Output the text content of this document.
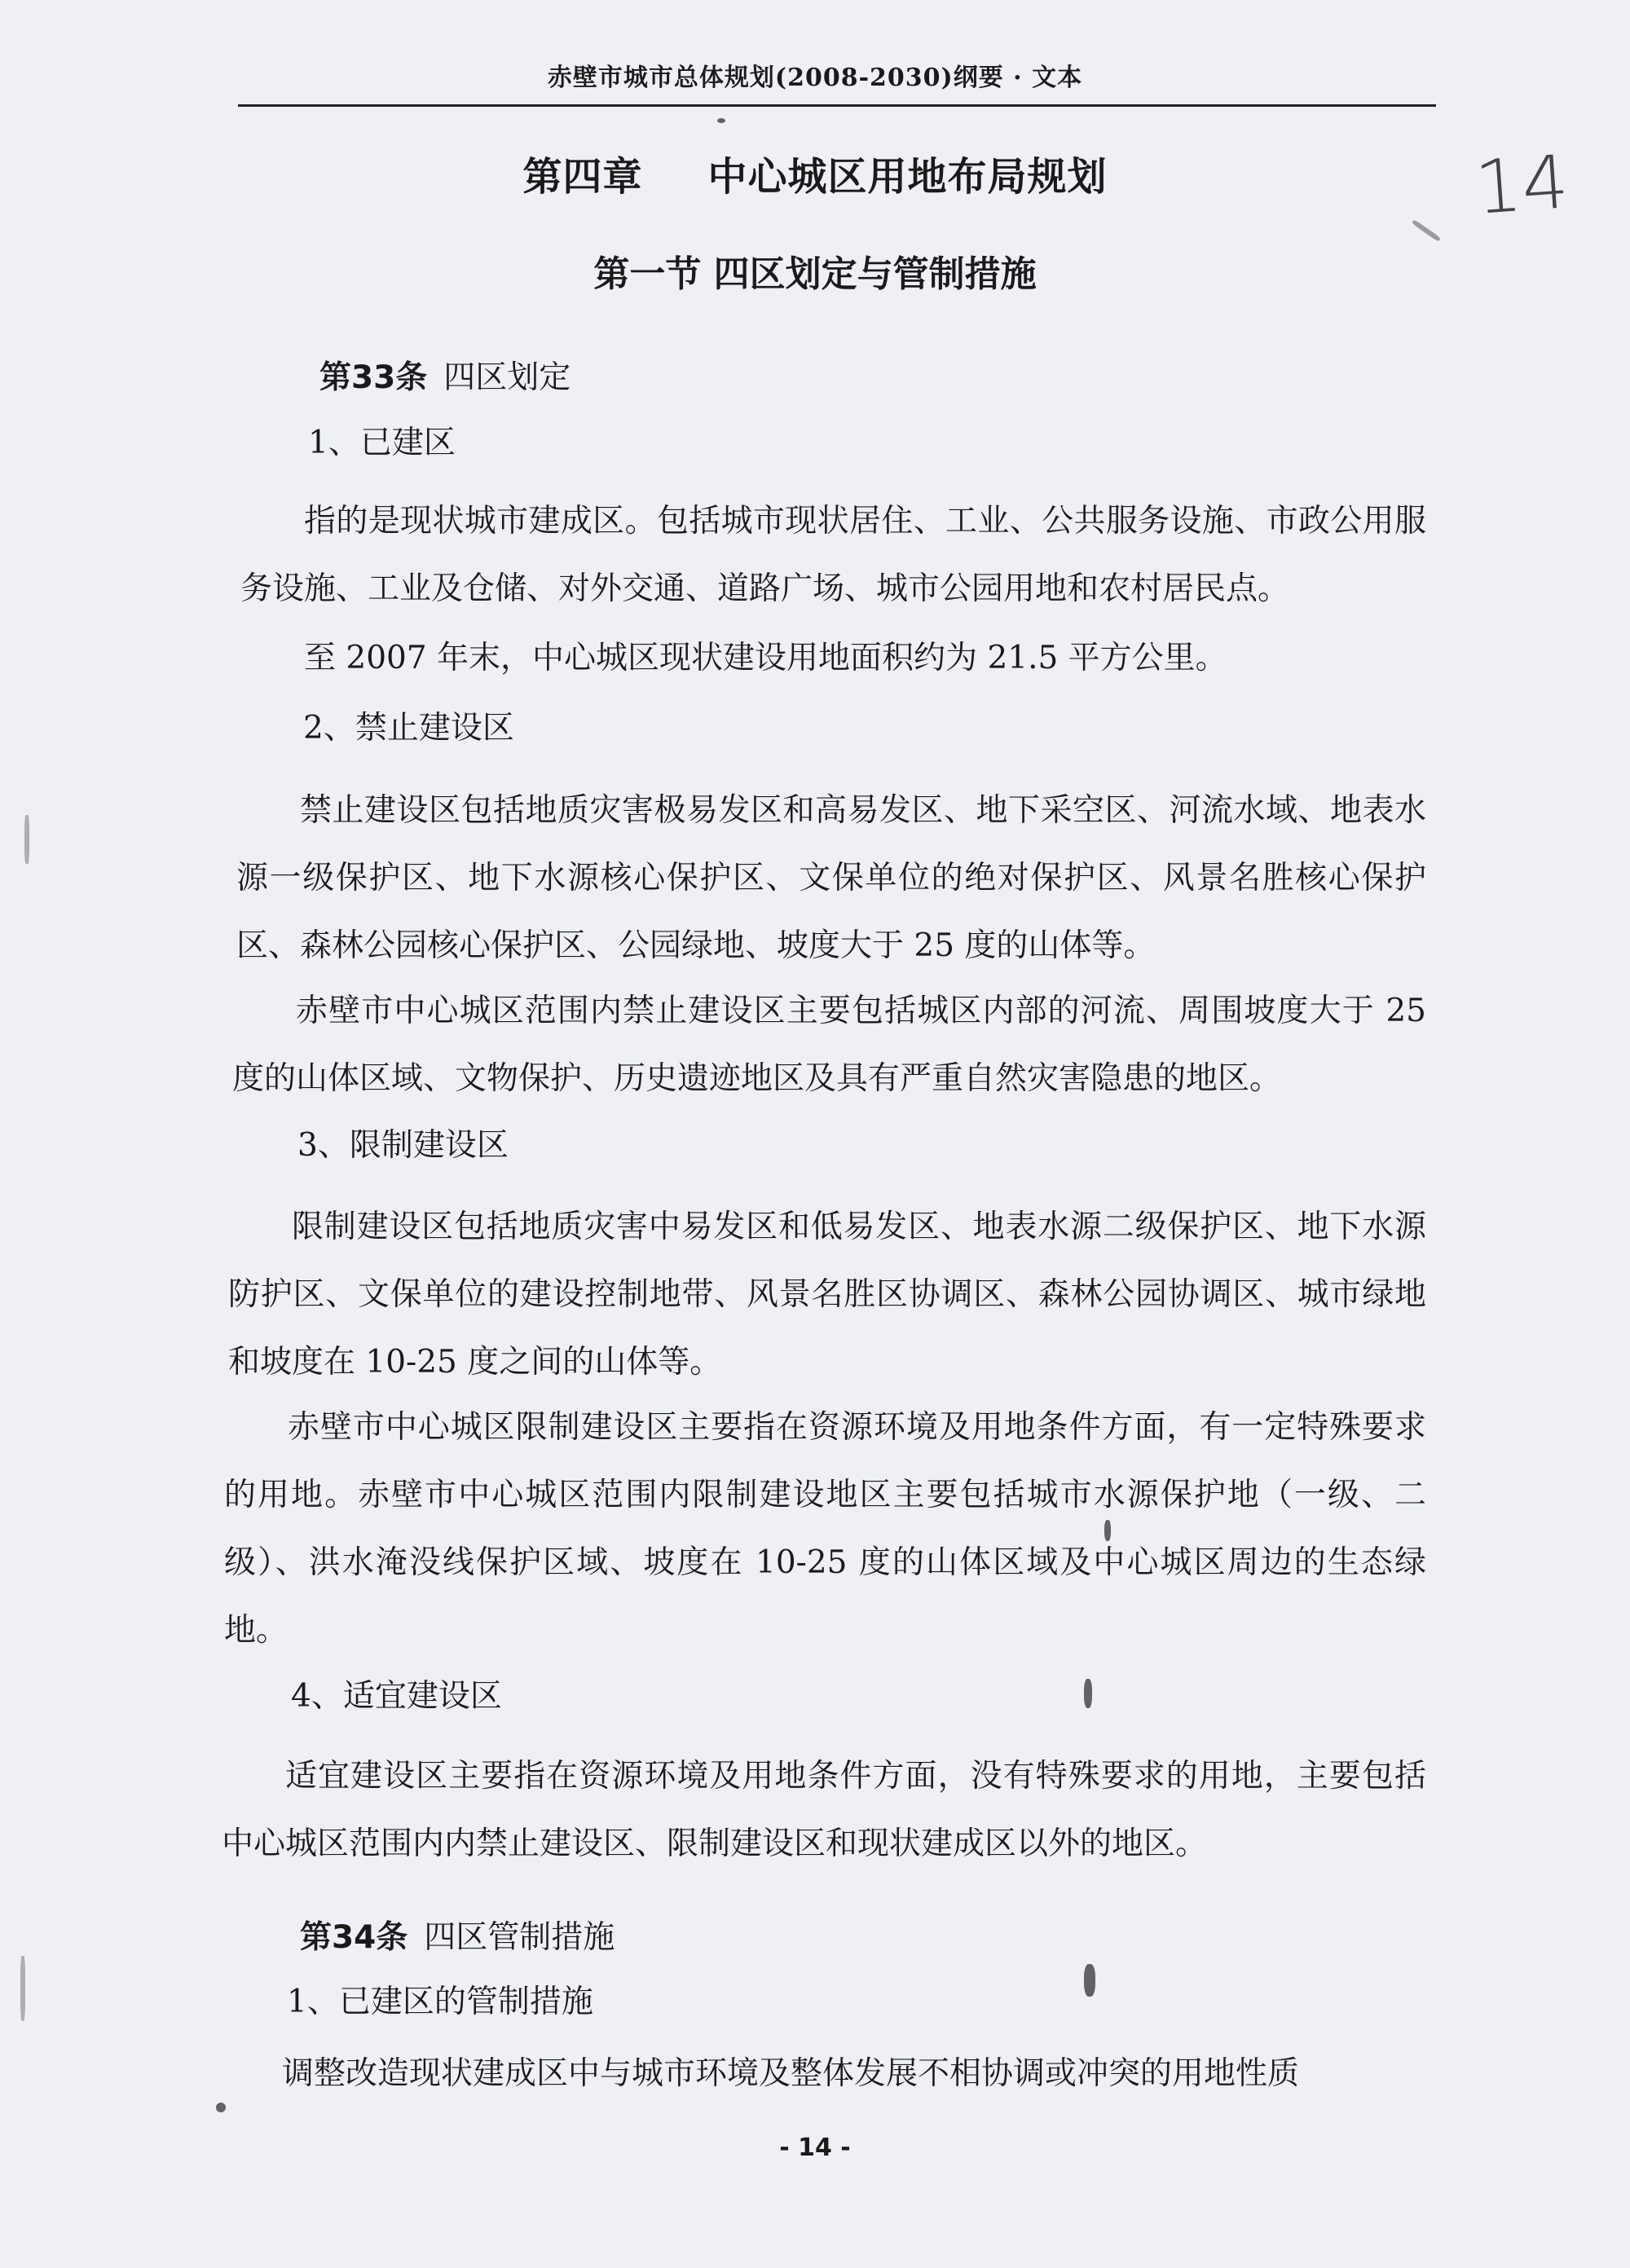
赤壁市城市总体规划(2008-2030)纲要 · 文本
14
第四章 中心城区用地布局规划
第一节 四区划定与管制措施
第33条 四区划定
1、已建区
指的是现状城市建成区。包括城市现状居住、工业、公共服务设施、市政公用服务设施、工业及仓储、对外交通、道路广场、城市公园用地和农村居民点。
至 2007 年末，中心城区现状建设用地面积约为 21.5 平方公里。
2、禁止建设区
禁止建设区包括地质灾害极易发区和高易发区、地下采空区、河流水域、地表水源一级保护区、地下水源核心保护区、文保单位的绝对保护区、风景名胜核心保护区、森林公园核心保护区、公园绿地、坡度大于 25 度的山体等。
赤壁市中心城区范围内禁止建设区主要包括城区内部的河流、周围坡度大于 25 度的山体区域、文物保护、历史遗迹地区及具有严重自然灾害隐患的地区。
3、限制建设区
限制建设区包括地质灾害中易发区和低易发区、地表水源二级保护区、地下水源防护区、文保单位的建设控制地带、风景名胜区协调区、森林公园协调区、城市绿地和坡度在 10-25 度之间的山体等。
赤壁市中心城区限制建设区主要指在资源环境及用地条件方面，有一定特殊要求的用地。赤壁市中心城区范围内限制建设地区主要包括城市水源保护地（一级、二级）、洪水淹没线保护区域、坡度在 10-25 度的山体区域及中心城区周边的生态绿地。
4、适宜建设区
适宜建设区主要指在资源环境及用地条件方面，没有特殊要求的用地，主要包括中心城区范围内内禁止建设区、限制建设区和现状建成区以外的地区。
第34条 四区管制措施
1、已建区的管制措施
调整改造现状建成区中与城市环境及整体发展不相协调或冲突的用地性质
- 14 -
